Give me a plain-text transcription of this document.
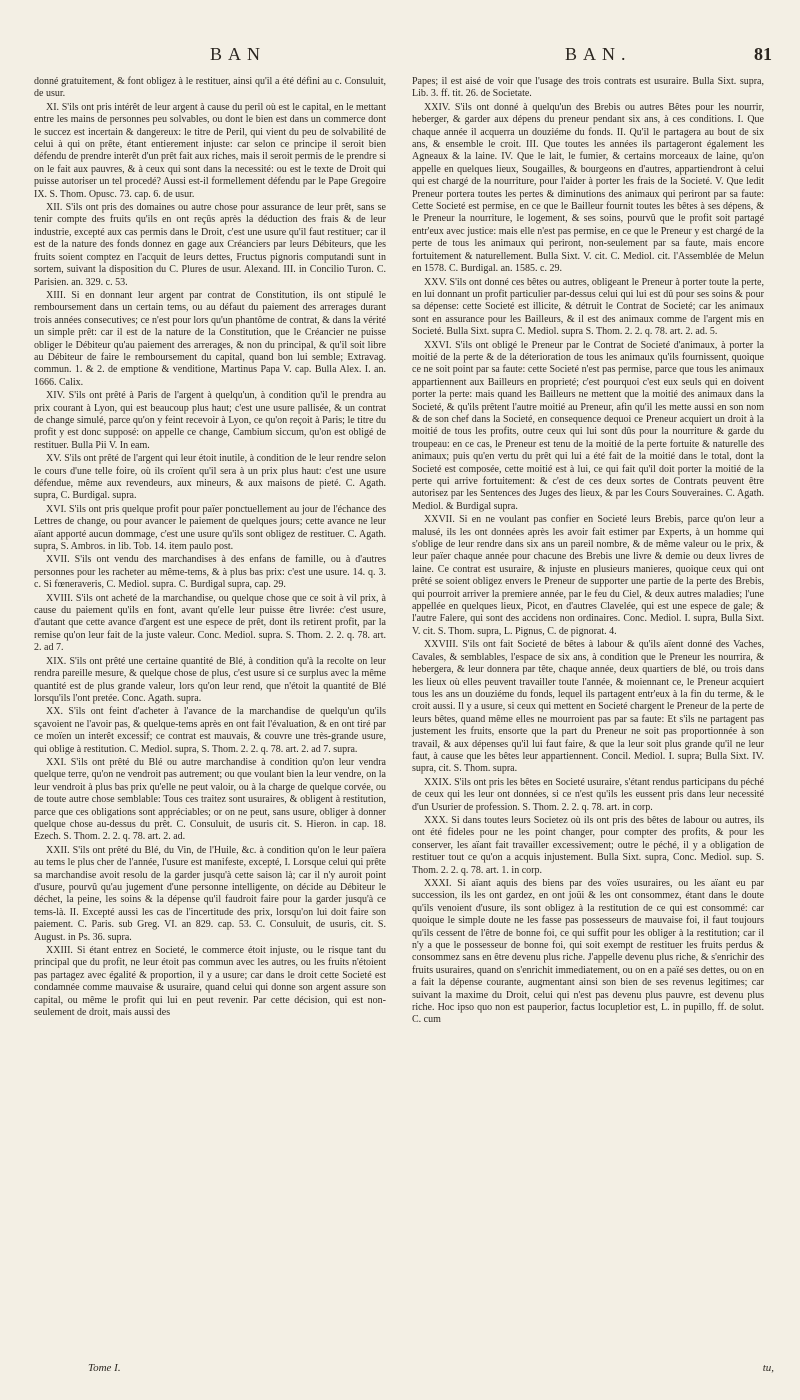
BAN	BAN.	81

donné gratuitement, & font obligez à le restituer, ainsi qu'il a été défini au c. Consuluit, de usur.

XI. S'ils ont pris intérêt de leur argent à cause du peril où est le capital, en le mettant entre les mains de personnes peu solvables, ou dont le bien est dans un commerce dont le succez est incertain & dangereux: le titre de Peril, qui vient du peu de solvabilité de celui à qui on prête, étant entierement injuste: car selon ce principe il seroit bien défendu de prendre interêt d'un prêt fait aux riches, mais il seroit permis de le prendre si on le fait aux pauvres, & à ceux qui sont dans la necessité: ou est le texte de Droit qui puisse autoriser un tel procedé? Aussi est-il formellement défendu par le Pape Gregoire IX. S. Thom. Opusc. 73. cap. 6. de usur.

XII. S'ils ont pris des domaines ou autre chose pour assurance de leur prêt, sans se tenir compte des fruits qu'ils en ont reçûs après la déduction des frais & de leur industrie, excepté aux cas permis dans le Droit, c'est une usure qu'il faut restituer; car il est de la nature des fonds donnez en gage aux Créanciers par leurs Débiteurs, que les fruits soient comptez en l'acquit de leurs dettes, Fructus pignoris computandi sunt in sortem, suivant la disposition du C. Plures de usur. Alexand. III. in Concilio Turon. C. Parisien. an. 329. c. 53.

XIII. Si en donnant leur argent par contrat de Constitution, ils ont stipulé le remboursement dans un certain tems, ou au défaut du paiement des arrerages durant trois années consecutives; ce n'est pour lors qu'un phantôme de contrat, & dans la vérité un simple prêt: car il est de la nature de la Constitution, que le Créancier ne puisse obliger le Débiteur qu'au paiement des arrerages, & non du principal, & qu'il soit libre au Débiteur de faire le remboursement du capital, quand bon lui semble; Extravag. commun. 1. & 2. de emptione & venditione, Martinus Papa V. cap. Bulla Alex. I. an. 1666. Calix.

XIV. S'ils ont prêté à Paris de l'argent à quelqu'un, à condition qu'il le prendra au prix courant à Lyon, qui est beaucoup plus haut; c'est une usure pallisée, & un contrat de change simulé, parce qu'on y feint recevoir à Lyon, ce qu'on reçoit à Paris; le titre du profit y est donc supposé: on appelle ce change, Cambium siccum, qu'on est obligé de restituer. Bulla Pii V. In eam.

XV. S'ils ont prêté de l'argent qui leur étoit inutile, à condition de le leur rendre selon le cours d'une telle foire, où ils croïent qu'il sera à un prix plus haut: c'est une usure défendue, même aux revendeurs, aux mineurs, & aux maisons de pieté. C. Agath. supra, C. Burdigal. supra.

XVI. S'ils ont pris quelque profit pour païer ponctuellement au jour de l'échance des Lettres de change, ou pour avancer le paiement de quelques jours; cette avance ne leur aïant apporté aucun dommage, c'est une usure qu'ils sont obligez de restituer. C. Agath. supra, S. Ambros. in lib. Tob. 14. item paulo post.

XVII. S'ils ont vendu des marchandises à des enfans de famille, ou à d'autres personnes pour les racheter au même-tems, & à plus bas prix: c'est une usure. 14. q. 3. c. Si fœneraveris, C. Mediol. supra. C. Burdigal supra, cap. 29.

XVIII. S'ils ont acheté de la marchandise, ou quelque chose que ce soit à vil prix, à cause du paiement qu'ils en font, avant qu'elle leur puisse être livrée: c'est usure, d'autant que cette avance d'argent est une espece de prêt, dont ils retirent profit, par la remise qu'on leur fait de la juste valeur. Conc. Mediol. supra. S. Thom. 2. 2. q. 78. art. 2. ad 7.

XIX. S'ils ont prêté une certaine quantité de Blé, à condition qu'à la recolte on leur rendra pareille mesure, & quelque chose de plus, c'est usure si ce surplus avec la même quantité est de plus grande valeur, lors qu'on leur rend, que n'étoit la quantité de Blé lorsqu'ils l'ont pretée. Conc. Agath. supra.

XX. S'ils ont feint d'acheter à l'avance de la marchandise de quelqu'un qu'ils sçavoient ne l'avoir pas, & quelque-tems après en ont fait l'évaluation, & en ont tiré par ce moïen un interêt excessif; ce contrat est mauvais, & couvre une très-grande usure, qui oblige à restitution. C. Mediol. supra, S. Thom. 2. 2. q. 78. art. 2. ad 7. supra.

XXI. S'ils ont prêté du Blé ou autre marchandise à condition qu'on leur vendra quelque terre, qu'on ne vendroit pas autrement; ou que voulant bien la leur vendre, on la leur vendroit à plus bas prix qu'elle ne peut valoir, ou à la charge de quelque corvée, ou de toute autre chose semblable: Tous ces traitez sont usuraires, & obligent à restitution, parce que ces obligations sont appréciables; or on ne peut, sans usure, obliger à donner quelque chose au-dessus du prêt. C. Consuluit, de usuris cit. S. Hieron. in cap. 18. Ezech. S. Thom. 2. 2. q. 78. art. 2. ad.

XXII. S'ils ont prêté du Blé, du Vin, de l'Huile, &c. à condition qu'on le leur païera au tems le plus cher de l'année, l'usure est manifeste, excepté, I. Lorsque celui qui prête sa marchandise avoit resolu de la garder jusqu'à cette saison là; car il n'y auroit point d'usure, pourvû qu'au jugement d'une personne intelligente, on décide au Débiteur le déchet, la peine, les soins & la dépense qu'il faudroit faire pour la garder jusqu'à ce tems-là. II. Excepté aussi les cas de l'incertitude des prix, lorsqu'on lui doit faire son paiement. C. Paris. sub Greg. VI. an 829. cap. 53. C. Consuluit, de usuris, cit. S. August. in Ps. 36. supra.

XXIII. Si étant entrez en Societé, le commerce étoit injuste, ou le risque tant du principal que du profit, ne leur étoit pas commun avec les autres, ou les fruits n'étoient pas partagez avec égalité & proportion, il y a usure; car dans le droit cette Societé est condamnée comme mauvaise & usuraire, quand celui qui donne son argent assure son capital, ou même le profit qui lui en peut revenir. Par cette décision, qui est non-seulement de droit, mais aussi des

Papes; il est aisé de voir que l'usage des trois contrats est usuraire. Bulla Sixt. supra, Lib. 3. ff. tit. 26. de Societate.

XXIV. S'ils ont donné à quelqu'un des Brebis ou autres Bêtes pour les nourrir, heberger, & garder aux dépens du preneur pendant six ans, à ces conditions. I. Que chaque année il acquerra un douziéme du fonds. II. Qu'il le partagera au bout de six ans, & ensemble le croit. III. Que toutes les années ils partageront également les Agneaux & la laine. IV. Que le lait, le fumier, & certains morceaux de laine, qu'on appelle en quelques lieux, Sougailles, & bourgeons en d'autres, appartiendront à celui qui est chargé de la nourriture, pour l'aider à porter les frais de la Societé. V. Que ledit Preneur portera toutes les pertes & diminutions des animaux qui periront par sa faute: Cette Societé est permise, en ce que le Bailleur fournit toutes les bêtes à ses dépens, & le Preneur la nourriture, le logement, & ses soins, pourvû que le profit soit partagé entr'eux avec justice: mais elle n'est pas permise, en ce que le Preneur y est chargé de la perte de tous les animaux qui periront, non-seulement par sa faute, mais encore fortuitement & naturellement. Bulla Sixt. V. cit. C. Mediol. cit. l'Assemblée de Melun en 1578. C. Burdigal. an. 1585. c. 29.

XXV. S'ils ont donné ces bêtes ou autres, obligeant le Preneur à porter toute la perte, en lui donnant un profit particulier par-dessus celui qui lui est dû pour ses soins & pour sa dépense: cette Societé est illicite, & détruit le Contrat de Societé; car les animaux sont en assurance pour les Bailleurs, & il est des animaux comme de l'argent mis en Societé. Bulla Sixt. supra C. Mediol. supra S. Thom. 2. 2. q. 78. art. 2. ad. 5.

XXVI. S'ils ont obligé le Preneur par le Contrat de Societé d'animaux, à porter la moitié de la perte & de la déterioration de tous les animaux qu'ils fournissent, quoique ce ne soit point par sa faute: cette Societé n'est pas permise, parce que tous les animaux appartiennent aux Bailleurs en proprieté; c'est pourquoi c'est eux seuls qui en doivent porter la perte: mais quand les Bailleurs ne mettent que la moitié des animaux dans la Societé, & qu'ils prêtent l'autre moitié au Preneur, afin qu'il les mette aussi en son nom & de son chef dans la Societé, en consequence dequoi ce Preneur acquiert un droit à la moitié de tous les profits, outre ceux qui lui sont dûs pour la nourriture & garde du troupeau: en ce cas, le Preneur est tenu de la moitié de la perte fortuite & naturelle des animaux; puis qu'en vertu du prêt qui lui a été fait de la moitié dans le total, dont la Societé est composée, cette moitié est à lui, ce qui fait qu'il doit porter la moitié de la perte qui arrive fortuitement: & c'est de ces deux sortes de Contrats peuvent être autorisez par les Sentences des Juges des lieux, & par les Cours Souveraines. C. Agath. Mediol. & Burdigal supra.

XXVII. Si en ne voulant pas confier en Societé leurs Brebis, parce qu'on leur a malusé, ils les ont données après les avoir fait estimer par Experts, à un homme qui s'oblige de leur rendre dans six ans un pareil nombre, & de même valeur ou le prix, & leur païer chaque année pour chacune des Brebis une livre & demie ou deux livres de laine. Ce contrat est usuraire, & injuste en plusieurs manieres, quoique ceux qui ont prêté se soient obligez envers le Preneur de supporter une partie de la perte des Brebis, qui pourroit arriver la premiere année, par le feu du Ciel, & deux autres maladies; l'une appellée en quelques lieux, Picot, en d'autres Clavelée, qui est une espece de gale; & l'autre Falere, qui sont des accidens non ordinaires. Conc. Mediol. I. supra, Bulla Sixt. V. cit. S. Thom. supra, L. Pignus, C. de pignorat. 4.

XXVIII. S'ils ont fait Societé de bêtes à labour & qu'ils aïent donné des Vaches, Cavales, & semblables, l'espace de six ans, à condition que le Preneur les nourrira, & hebergera, & leur donnera par tête, chaque année, deux quartiers de blé, ou trois dans les lieux où elles peuvent travailler toute l'année, & moiennant ce, le Preneur acquiert tous les ans un douziéme du fonds, lequel ils partagent entr'eux à la fin du terme, & le croit aussi. Il y a usure, si ceux qui mettent en Societé chargent le Preneur de la perte de leurs bêtes, quand même elles ne mourroient pas par sa faute: Et s'ils ne partagent pas justement les fruits, ensorte que la part du Preneur ne soit pas proportionnée à son travail, & aux dépenses qu'il lui faut faire, & que la leur soit plus grande qu'il ne leur faut, à cause que les bêtes leur appartiennent. Concil. Mediol. I. supra; Bulla Sixt. IV. supra, cit. S. Thom. supra.

XXIX. S'ils ont pris les bêtes en Societé usuraire, s'étant rendus participans du péché de ceux qui les leur ont données, si ce n'est qu'ils les eussent pris dans leur necessité d'un Usurier de profession. S. Thom. 2. 2. q. 78. art. in corp.

XXX. Si dans toutes leurs Societez où ils ont pris des bêtes de labour ou autres, ils ont été fideles pour ne les point changer, pour compter des profits, & pour les conserver, les aïant fait travailler excessivement; outre le péché, il y a obligation de restituer tout ce qu'on a acquis injustement. Bulla Sixt. supra, Conc. Mediol. sup. S. Thom. 2. 2. q. 78. art. 1. in corp.

XXXI. Si aïant aquis des biens par des voïes usuraires, ou les aïant eu par succession, ils les ont gardez, en ont joüi & les ont consommez, étant dans le doute qu'ils venoient d'usure, ils sont obligez à la restitution de ce qui est consommé: car quoique le simple doute ne les fasse pas possesseurs de mauvaise foi, il faut toujours qu'ils cessent de l'être de bonne foi, ce qui suffit pour les obliger à la restitution; car il n'y a que le possesseur de bonne foi, qui soit exempt de restituer les fruits perdus & consommez sans en être devenu plus riche. J'appelle devenu plus riche, & s'enrichir des fruits usuraires, quand on s'enrichit immediatement, ou on en a païé ses dettes, ou on en a fait la dépense courante, augmentant ainsi son bien de ses revenus legitimes; car suivant la maxime du Droit, celui qui n'est pas devenu plus pauvre, est devenu plus riche. Hoc ipso quo non est pauperior, factus locupletior est, L. in pupillo, ff. de solut. C. cum

Tome I.	tu,
